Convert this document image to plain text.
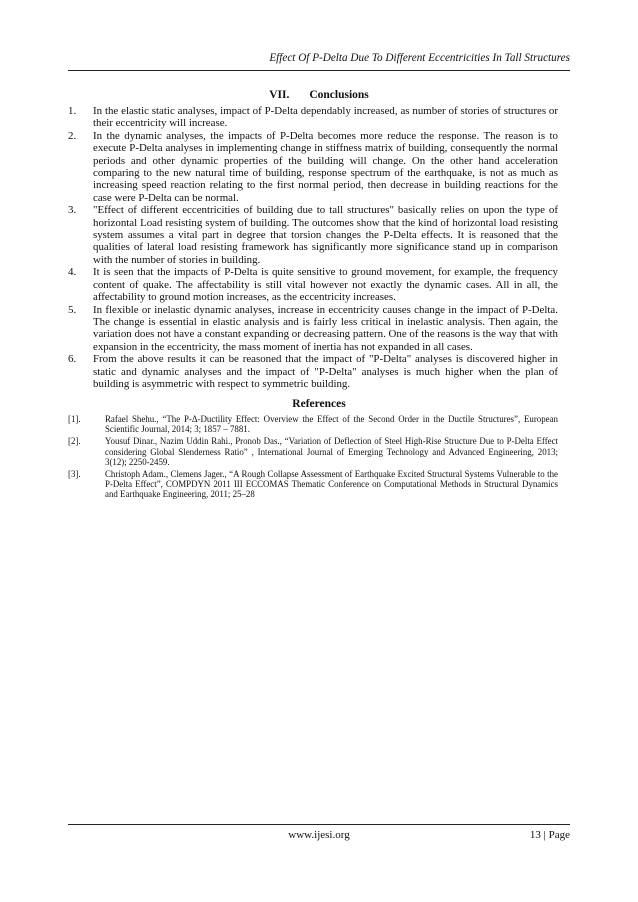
Effect Of P-Delta Due To Different Eccentricities In Tall Structures
VII. Conclusions
1. In the elastic static analyses, impact of P-Delta dependably increased, as number of stories of structures or their eccentricity will increase.
2. In the dynamic analyses, the impacts of P-Delta becomes more reduce the response. The reason is to execute P-Delta analyses in implementing change in stiffness matrix of building, consequently the normal periods and other dynamic properties of the building will change. On the other hand acceleration comparing to the new natural time of building, response spectrum of the earthquake, is not as much as increasing speed reaction relating to the first normal period, then decrease in building reactions for the case were P-Delta can be normal.
3. "Effect of different eccentricities of building due to tall structures" basically relies on upon the type of horizontal Load resisting system of building. The outcomes show that the kind of horizontal load resisting system assumes a vital part in degree that torsion changes the P-Delta effects. It is reasoned that the qualities of lateral load resisting framework has significantly more significance stand up in comparison with the number of stories in building.
4. It is seen that the impacts of P-Delta is quite sensitive to ground movement, for example, the frequency content of quake. The affectability is still vital however not exactly the dynamic cases. All in all, the affectability to ground motion increases, as the eccentricity increases.
5. In flexible or inelastic dynamic analyses, increase in eccentricity causes change in the impact of P-Delta. The change is essential in elastic analysis and is fairly less critical in inelastic analysis. Then again, the variation does not have a constant expanding or decreasing pattern. One of the reasons is the way that with expansion in the eccentricity, the mass moment of inertia has not expanded in all cases.
6. From the above results it can be reasoned that the impact of "P-Delta" analyses is discovered higher in static and dynamic analyses and the impact of "P-Delta" analyses is much higher when the plan of building is asymmetric with respect to symmetric building.
References
[1].	Rafael Shehu., “The P-Δ-Ductility Effect: Overview the Effect of the Second Order in the Ductile Structures”, European Scientific Journal, 2014; 3; 1857 – 7881.
[2].	Yousuf Dinar., Nazim Uddin Rahi., Pronob Das., “Variation of Deflection of Steel High-Rise Structure Due to P-Delta Effect considering Global Slenderness Ratio” , International Journal of Emerging Technology and Advanced Engineering, 2013; 3(12); 2250-2459.
[3].	Christoph Adam., Clemens Jager., “A Rough Collapse Assessment of Earthquake Excited Structural Systems Vulnerable to the P-Delta Effect”, COMPDYN 2011 III ECCOMAS Thematic Conference on Computational Methods in Structural Dynamics and Earthquake Engineering, 2011; 25–28
www.ijesi.org	13 | Page
